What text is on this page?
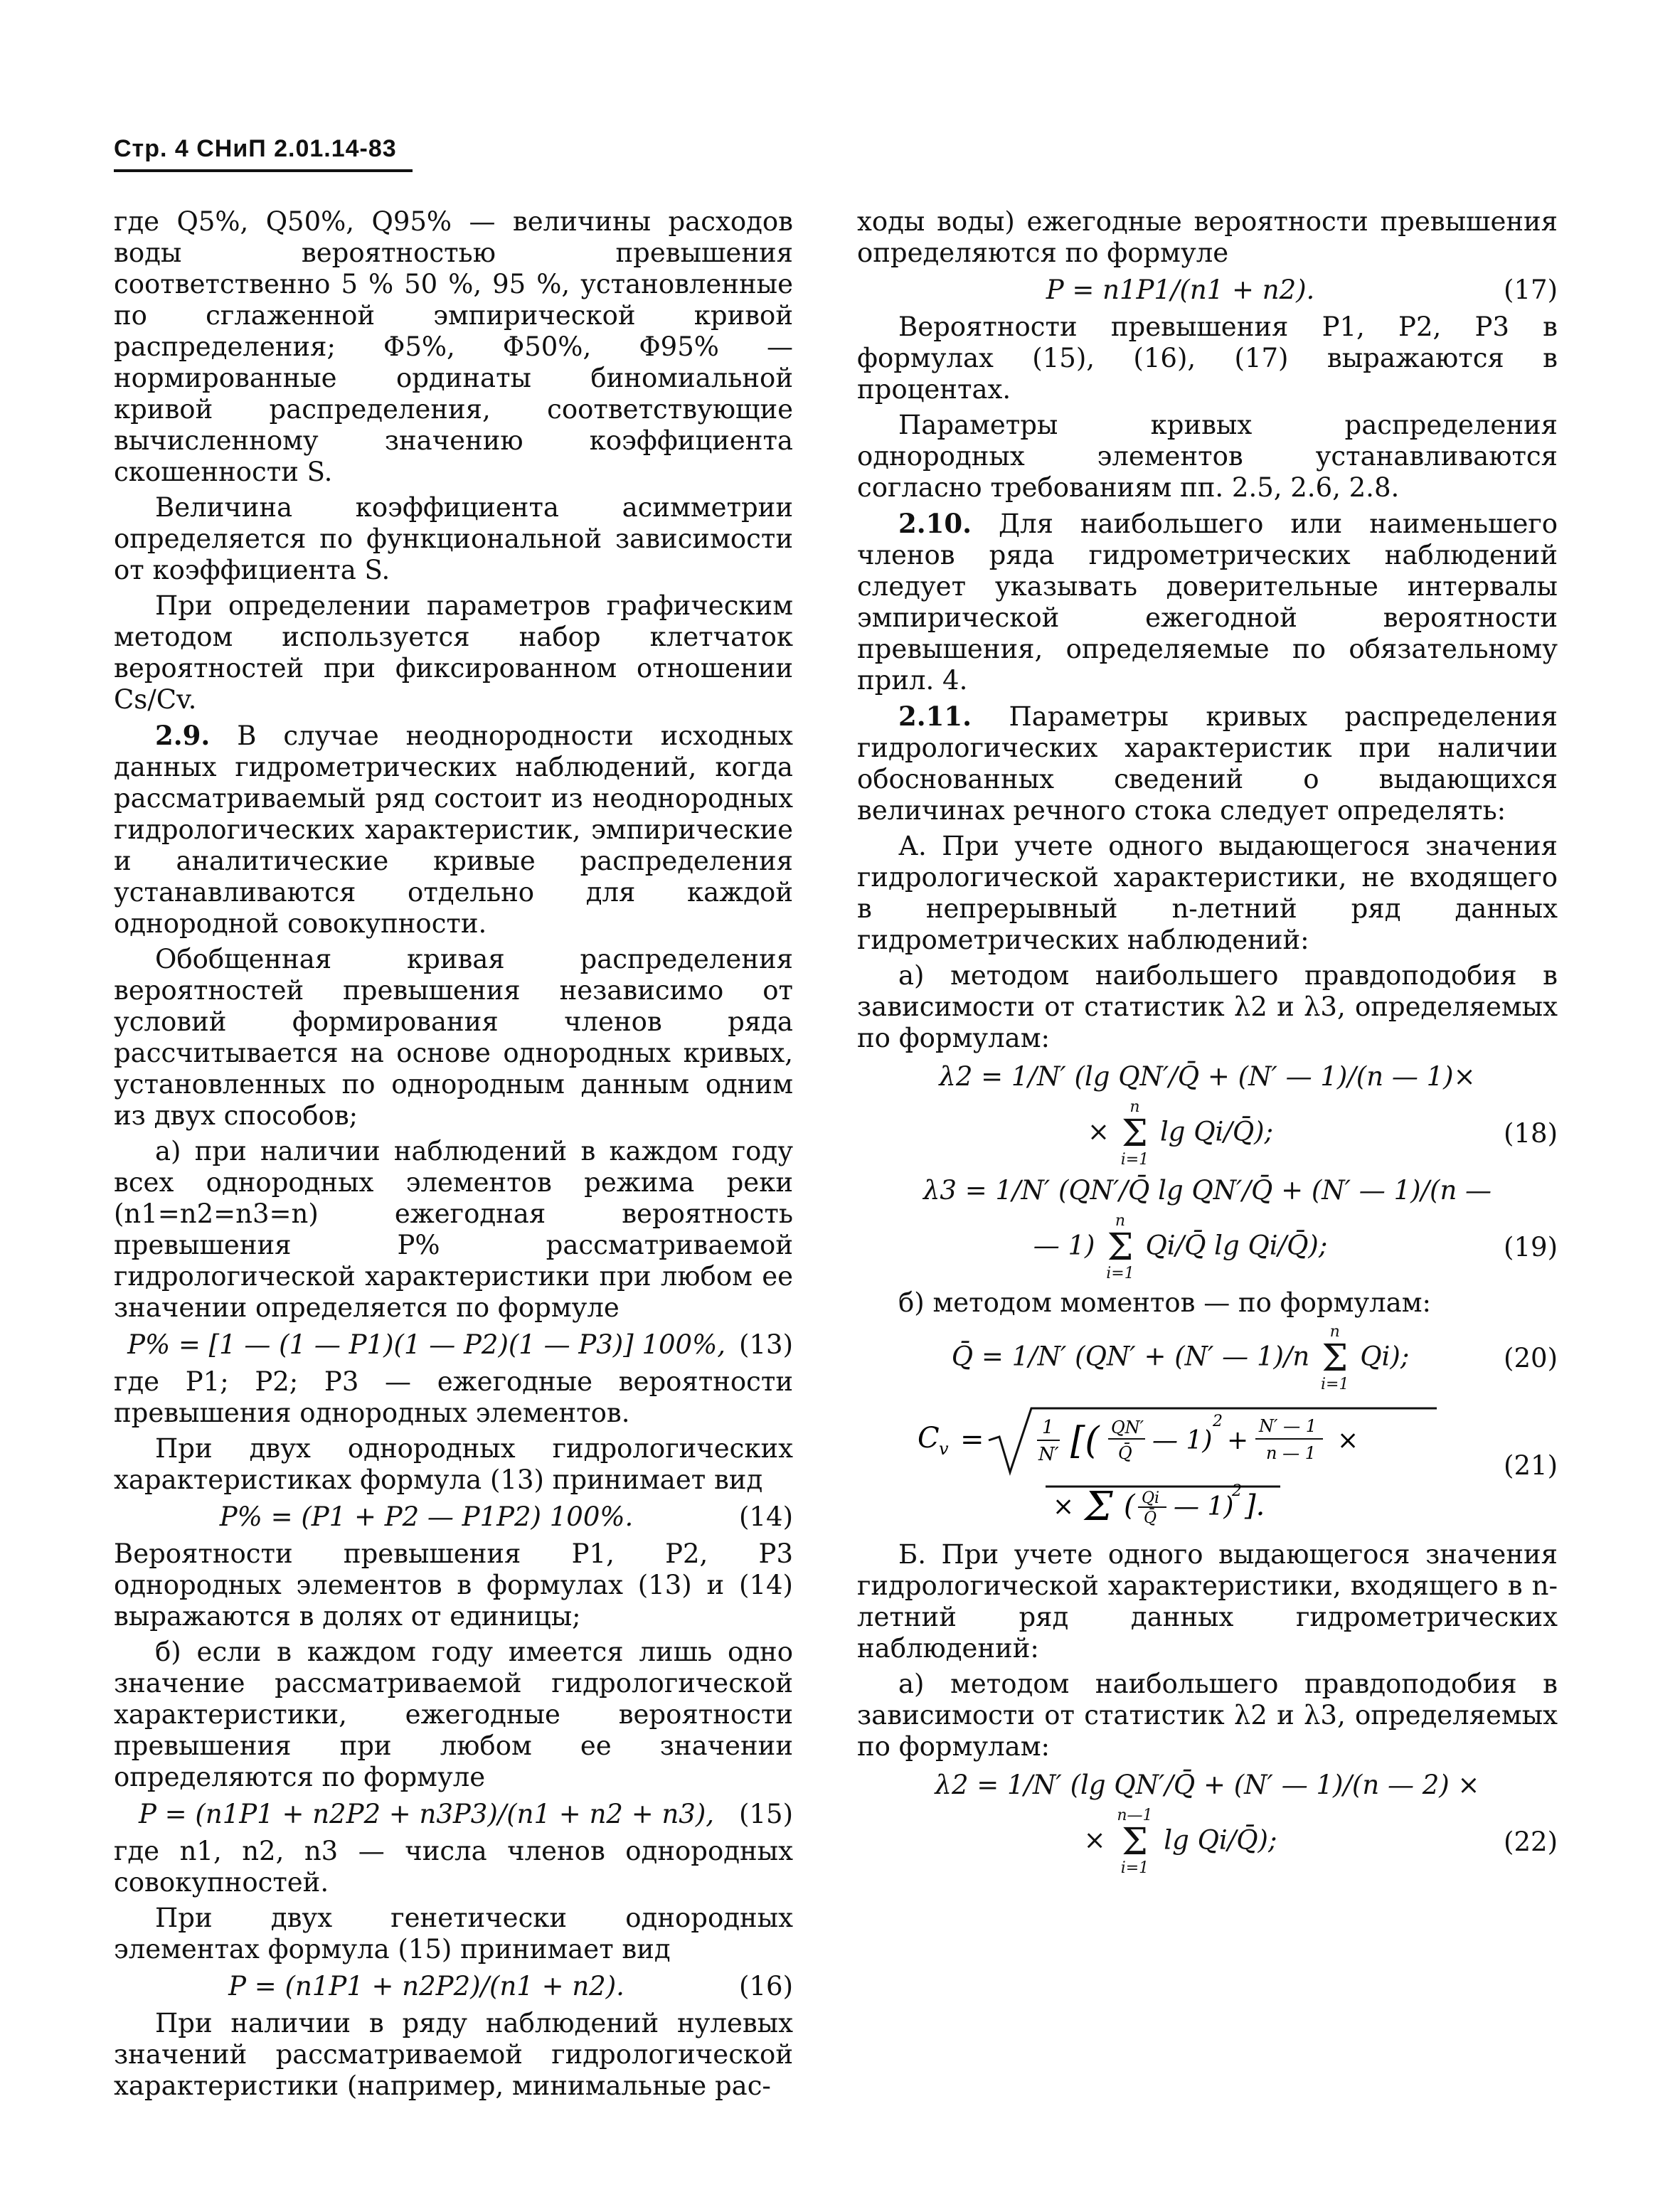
Стр. 4 СНиП 2.01.14-83

где Q5%, Q50%, Q95% — величины расходов воды вероятностью превышения соответственно 5 % 50 %, 95 %, установленные по сглаженной эмпирической кривой распределения; Φ5%, Φ50%, Φ95% — нормированные ординаты биномиальной кривой распределения, соответствующие вычисленному значению коэффициента скошенности S.

Величина коэффициента асимметрии определяется по функциональной зависимости от коэффициента S.

При определении параметров графическим методом используется набор клетчаток вероятностей при фиксированном отношении Cs/Cv.

2.9. В случае неоднородности исходных данных гидрометрических наблюдений, когда рассматриваемый ряд состоит из неоднородных гидрологических характеристик, эмпирические и аналитические кривые распределения устанавливаются отдельно для каждой однородной совокупности.

Обобщенная кривая распределения вероятностей превышения независимо от условий формирования членов ряда рассчитывается на основе однородных кривых, установленных по однородным данным одним из двух способов;

а) при наличии наблюдений в каждом году всех однородных элементов режима реки (n1=n2=n3=n) ежегодная вероятность превышения P% рассматриваемой гидрологической характеристики при любом ее значении определяется по формуле

P% = [1 — (1 — P1)(1 — P2)(1 — P3)] 100%, (13)

где P1; P2; P3 — ежегодные вероятности превышения однородных элементов.

При двух однородных гидрологических характеристиках формула (13) принимает вид

P% = (P1 + P2 — P1P2) 100%.	(14)

Вероятности превышения P1, P2, P3 однородных элементов в формулах (13) и (14) выражаются в долях от единицы;

б) если в каждом году имеется лишь одно значение рассматриваемой гидрологической характеристики, ежегодные вероятности превышения при любом ее значении определяются по формуле

P = (n1P1 + n2P2 + n3P3)/(n1 + n2 + n3), (15)

где n1, n2, n3 — числа членов однородных совокупностей.

При двух генетически однородных элементах формула (15) принимает вид

P = (n1P1 + n2P2)/(n1 + n2).	(16)

При наличии в ряду наблюдений нулевых значений рассматриваемой гидрологической характеристики (например, минимальные рас-

ходы воды) ежегодные вероятности превышения определяются по формуле

P = n1P1/(n1 + n2).	(17)

Вероятности превышения P1, P2, P3 в формулах (15), (16), (17) выражаются в процентах.

Параметры кривых распределения однородных элементов устанавливаются согласно требованиям пп. 2.5, 2.6, 2.8.

2.10. Для наибольшего или наименьшего членов ряда гидрометрических наблюдений следует указывать доверительные интервалы эмпирической ежегодной вероятности превышения, определяемые по обязательному прил. 4.

2.11. Параметры кривых распределения гидрологических характеристик при наличии обоснованных сведений о выдающихся величинах речного стока следует определять:

А. При учете одного выдающегося значения гидрологической характеристики, не входящего в непрерывный n-летний ряд данных гидрометрических наблюдений:

а) методом наибольшего правдоподобия в зависимости от статистик λ2 и λ3, определяемых по формулам:

λ2 = 1/N′ (lg QN′/Q̄ + (N′ — 1)/(n — 1)×
× n
Σ
i=1 lg Qi/Q̄);	(18)
λ3 = 1/N′ (QN′/Q̄ lg QN′/Q̄ + (N′ — 1)/(n —
— 1) n
Σ
i=1 Qi/Q̄ lg Qi/Q̄);	(19)

б) методом моментов — по формулам:

Q̄ = 1/N′ (QN′ + (N′ — 1)/n n
Σ
i=1 Qi);	(20)
C v =	1
N′ [( QN′
Q̄ — 1)
2
+ N′ — 1
n — 1 ×
× Σ ( Qi
Q̄ — 1)
2 ].
(21)

Б. При учете одного выдающегося значения гидрологической характеристики, входящего в n-летний ряд данных гидрометрических наблюдений:

а) методом наибольшего правдоподобия в зависимости от статистик λ2 и λ3, определяемых по формулам:

λ2 = 1/N′ (lg QN′/Q̄ + (N′ — 1)/(n — 2) ×
× n—1
Σ
i=1 lg Qi/Q̄);	(22)
